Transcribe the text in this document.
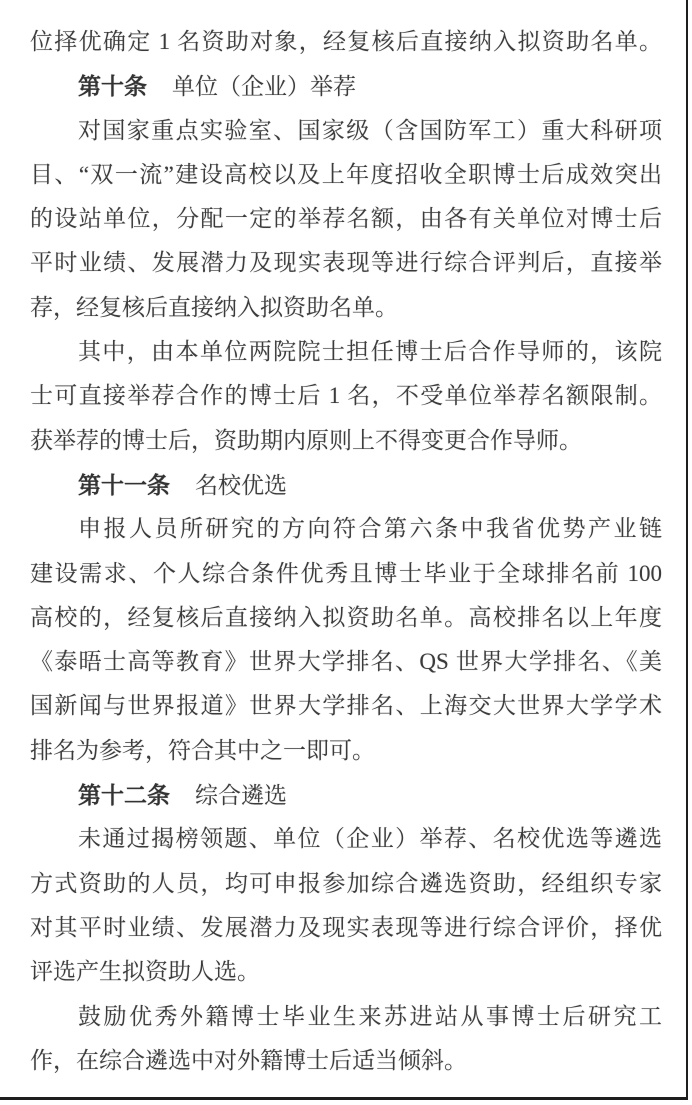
位择优确定 1 名资助对象，经复核后直接纳入拟资助名单。
第十条 单位（企业）举荐
对国家重点实验室、国家级（含国防军工）重大科研项
目、“双一流”建设高校以及上年度招收全职博士后成效突出
的设站单位，分配一定的举荐名额，由各有关单位对博士后
平时业绩、发展潜力及现实表现等进行综合评判后，直接举
荐，经复核后直接纳入拟资助名单。
其中，由本单位两院院士担任博士后合作导师的，该院
士可直接举荐合作的博士后 1 名，不受单位举荐名额限制。
获举荐的博士后，资助期内原则上不得变更合作导师。
第十一条 名校优选
申报人员所研究的方向符合第六条中我省优势产业链
建设需求、个人综合条件优秀且博士毕业于全球排名前 100
高校的，经复核后直接纳入拟资助名单。高校排名以上年度
《泰晤士高等教育》世界大学排名、QS 世界大学排名、《美
国新闻与世界报道》世界大学排名、上海交大世界大学学术
排名为参考，符合其中之一即可。
第十二条 综合遴选
未通过揭榜领题、单位（企业）举荐、名校优选等遴选
方式资助的人员，均可申报参加综合遴选资助，经组织专家
对其平时业绩、发展潜力及现实表现等进行综合评价，择优
评选产生拟资助人选。
鼓励优秀外籍博士毕业生来苏进站从事博士后研究工
作，在综合遴选中对外籍博士后适当倾斜。
